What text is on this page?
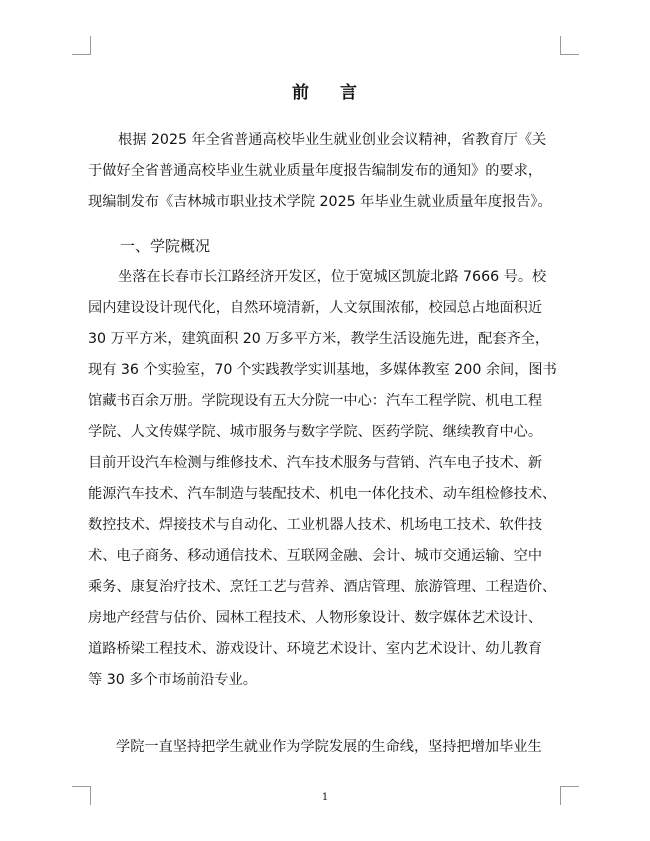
前 言
根据 2025 年全省普通高校毕业生就业创业会议精神，省教育厅《关
于做好全省普通高校毕业生就业质量年度报告编制发布的通知》的要求，
现编制发布《吉林城市职业技术学院 2025 年毕业生就业质量年度报告》。
一、学院概况
坐落在长春市长江路经济开发区，位于宽城区凯旋北路 7666 号。校
园内建设设计现代化，自然环境清新，人文氛围浓郁，校园总占地面积近
30 万平方米，建筑面积 20 万多平方米，教学生活设施先进，配套齐全，
现有 36 个实验室，70 个实践教学实训基地，多媒体教室 200 余间，图书
馆藏书百余万册。学院现设有五大分院一中心：汽车工程学院、机电工程
学院、人文传媒学院、城市服务与数字学院、医药学院、继续教育中心。
目前开设汽车检测与维修技术、汽车技术服务与营销、汽车电子技术、新
能源汽车技术、汽车制造与装配技术、机电一体化技术、动车组检修技术、
数控技术、焊接技术与自动化、工业机器人技术、机场电工技术、软件技
术、电子商务、移动通信技术、互联网金融、会计、城市交通运输、空中
乘务、康复治疗技术、烹饪工艺与营养、酒店管理、旅游管理、工程造价、
房地产经营与估价、园林工程技术、人物形象设计、数字媒体艺术设计、
道路桥梁工程技术、游戏设计、环境艺术设计、室内艺术设计、幼儿教育
等 30 多个市场前沿专业。
学院一直坚持把学生就业作为学院发展的生命线，坚持把增加毕业生
1
